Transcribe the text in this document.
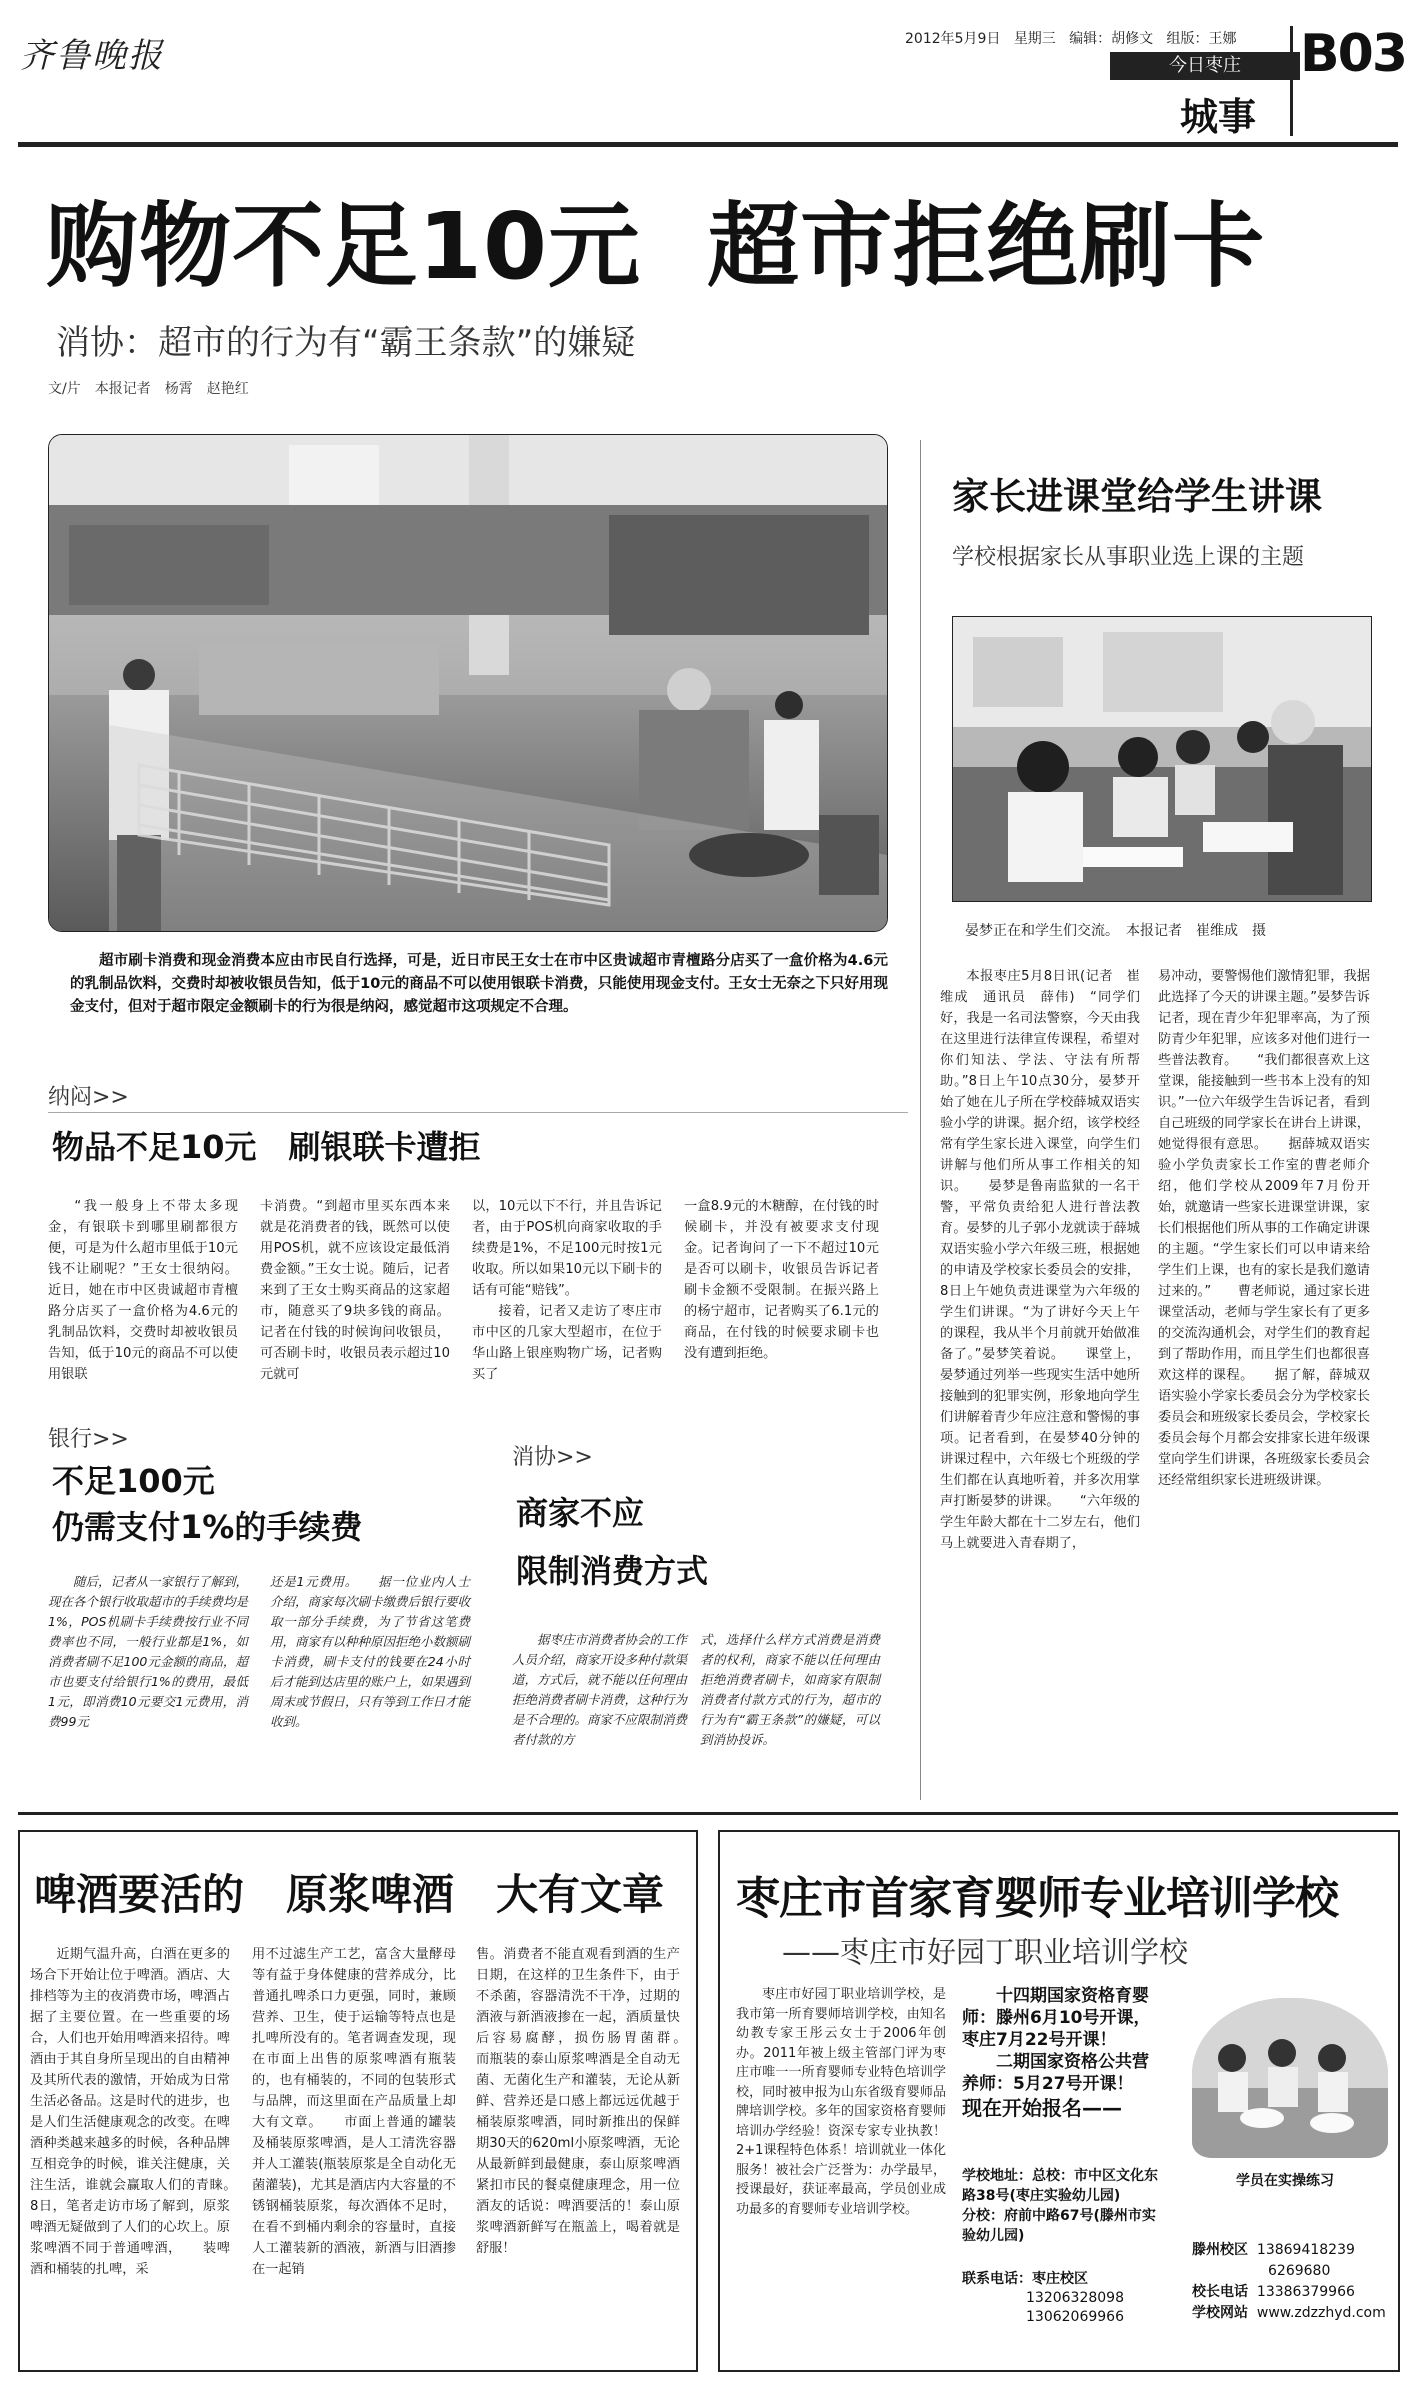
齐鲁晚报	2012年5月9日 星期三 编辑：胡修文 组版：王娜
今日枣庄
城事
B03
购物不足10元  超市拒绝刷卡
消协：超市的行为有“霸王条款”的嫌疑
文/片　本报记者　杨霄　赵艳红
超市刷卡消费和现金消费本应由市民自行选择，可是，近日市民王女士在市中区贵诚超市青檀路分店买了一盒价格为4.6元的乳制品饮料，交费时却被收银员告知，低于10元的商品不可以使用银联卡消费，只能使用现金支付。王女士无奈之下只好用现金支付，但对于超市限定金额刷卡的行为很是纳闷，感觉超市这项规定不合理。
纳闷>>
物品不足10元　刷银联卡遭拒

“我一般身上不带太多现金，有银联卡到哪里刷都很方便，可是为什么超市里低于10元钱不让刷呢？”王女士很纳闷。近日，她在市中区贵诚超市青檀路分店买了一盒价格为4.6元的乳制品饮料，交费时却被收银员告知，低于10元的商品不可以使用银联

卡消费。“到超市里买东西本来就是花消费者的钱，既然可以使用POS机，就不应该设定最低消费金额。”王女士说。随后，记者来到了王女士购买商品的这家超市，随意买了9块多钱的商品。记者在付钱的时候询问收银员，可否刷卡时，收银员表示超过10元就可

以，10元以下不行，并且告诉记者，由于POS机向商家收取的手续费是1%，不足100元时按1元收取。所以如果10元以下刷卡的话有可能“赔钱”。

接着，记者又走访了枣庄市市中区的几家大型超市，在位于华山路上银座购物广场，记者购买了

一盒8.9元的木糖醇，在付钱的时候刷卡，并没有被要求支付现金。记者询问了一下不超过10元是否可以刷卡，收银员告诉记者刷卡金额不受限制。在振兴路上的杨宁超市，记者购买了6.1元的商品，在付钱的时候要求刷卡也没有遭到拒绝。

银行>>
不足100元
仍需支付1%的手续费

随后，记者从一家银行了解到，现在各个银行收取超市的手续费均是1%，POS机刷卡手续费按行业不同费率也不同，一般行业都是1%，如消费者刷不足100元金额的商品，超市也要支付给银行1%的费用，最低1元，即消费10元要交1元费用，消费99元

还是1元费用。　　据一位业内人士介绍，商家每次刷卡缴费后银行要收取一部分手续费，为了节省这笔费用，商家有以种种原因拒绝小数额刷卡消费，刷卡支付的钱要在24小时后才能到达店里的账户上，如果遇到周末或节假日，只有等到工作日才能收到。

消协>>
商家不应
限制消费方式

据枣庄市消费者协会的工作人员介绍，商家开设多种付款渠道，方式后，就不能以任何理由拒绝消费者刷卡消费，这种行为是不合理的。商家不应限制消费者付款的方

式，选择什么样方式消费是消费者的权利，商家不能以任何理由拒绝消费者刷卡，如商家有限制消费者付款方式的行为，超市的行为有“霸王条款”的嫌疑，可以到消协投诉。

家长进课堂给学生讲课
学校根据家长从事职业选上课的主题
晏梦正在和学生们交流。　本报记者　崔维成　摄

本报枣庄5月8日讯(记者　崔维成　通讯员　薛伟)　“同学们好，我是一名司法警察，今天由我在这里进行法律宣传课程，希望对你们知法、学法、守法有所帮助。”8日上午10点30分，晏梦开始了她在儿子所在学校薛城双语实验小学的讲课。据介绍，该学校经常有学生家长进入课堂，向学生们讲解与他们所从事工作相关的知识。　　晏梦是鲁南监狱的一名干警，平常负责给犯人进行普法教育。晏梦的儿子郭小龙就读于薛城双语实验小学六年级三班，根据她的申请及学校家长委员会的安排，8日上午她负责进课堂为六年级的学生们讲课。“为了讲好今天上午的课程，我从半个月前就开始做准备了。”晏梦笑着说。　　课堂上，晏梦通过列举一些现实生活中她所接触到的犯罪实例，形象地向学生们讲解着青少年应注意和警惕的事项。记者看到，在晏梦40分钟的讲课过程中，六年级七个班级的学生们都在认真地听着，并多次用掌声打断晏梦的讲课。　　“六年级的学生年龄大都在十二岁左右，他们马上就要进入青春期了，

易冲动，要警惕他们激情犯罪，我据此选择了今天的讲课主题。”晏梦告诉记者，现在青少年犯罪率高，为了预防青少年犯罪，应该多对他们进行一些普法教育。　　“我们都很喜欢上这堂课，能接触到一些书本上没有的知识。”一位六年级学生告诉记者，看到自己班级的同学家长在讲台上讲课，她觉得很有意思。　　据薛城双语实验小学负责家长工作室的曹老师介绍，他们学校从2009年7月份开始，就邀请一些家长进课堂讲课，家长们根据他们所从事的工作确定讲课的主题。“学生家长们可以申请来给学生们上课，也有的家长是我们邀请过来的。”　　曹老师说，通过家长进课堂活动，老师与学生家长有了更多的交流沟通机会，对学生们的教育起到了帮助作用，而且学生们也都很喜欢这样的课程。　　据了解，薛城双语实验小学家长委员会分为学校家长委员会和班级家长委员会，学校家长委员会每个月都会安排家长进年级课堂向学生们讲课，各班级家长委员会还经常组织家长进班级讲课。

啤酒要活的　原浆啤酒　大有文章

近期气温升高，白酒在更多的场合下开始让位于啤酒。酒店、大排档等为主的夜消费市场，啤酒占据了主要位置。在一些重要的场合，人们也开始用啤酒来招待。啤酒由于其自身所呈现出的自由精神及其所代表的激情，开始成为日常生活必备品。这是时代的进步，也是人们生活健康观念的改变。在啤酒种类越来越多的时候，各种品牌互相竞争的时候，谁关注健康，关注生活，谁就会赢取人们的青睐。　　8日，笔者走访市场了解到，原浆啤酒无疑做到了人们的心坎上。原浆啤酒不同于普通啤酒，　　装啤酒和桶装的扎啤，采

用不过滤生产工艺，富含大量酵母等有益于身体健康的营养成分，比普通扎啤杀口力更强，同时，兼顾营养、卫生，使于运输等特点也是扎啤所没有的。笔者调查发现，现在市面上出售的原浆啤酒有瓶装的，也有桶装的，不同的包装形式与品牌，而这里面在产品质量上却大有文章。　　市面上普通的罐装及桶装原浆啤酒，是人工清洗容器并人工灌装(瓶装原浆是全自动化无菌灌装)，尤其是酒店内大容量的不锈钢桶装原浆，每次酒体不足时，在看不到桶内剩余的容量时，直接人工灌装新的酒液，新酒与旧酒掺在一起销

售。消费者不能直观看到酒的生产日期，在这样的卫生条件下，由于不杀菌，容器清洗不干净，过期的酒液与新酒液掺在一起，酒质量快后容易腐酵，损伤肠胃菌群。　　而瓶装的泰山原浆啤酒是全自动无菌、无菌化生产和灌装，无论从新鲜、营养还是口感上都远远优越于桶装原浆啤酒，同时新推出的保鲜期30天的620ml小原浆啤酒，无论从最新鲜到最健康，泰山原浆啤酒紧扣市民的餐桌健康理念，用一位酒友的话说：啤酒要活的！泰山原浆啤酒新鲜写在瓶盖上，喝着就是舒服！

枣庄市首家育婴师专业培训学校
——枣庄市好园丁职业培训学校

枣庄市好园丁职业培训学校，是我市第一所育婴师培训学校，由知名幼教专家王彤云女士于2006年创办。2011年被上级主管部门评为枣庄市唯一一所育婴师专业特色培训学校，同时被申报为山东省级育婴师品牌培训学校。多年的国家资格育婴师培训办学经验！资深专家专业执教！2+1课程特色体系！培训就业一体化服务！被社会广泛誉为：办学最早，授课最好，获证率最高，学员创业成功最多的育婴师专业培训学校。

十四期国家资格育婴师：滕州6月10号开课，枣庄7月22号开课！
二期国家资格公共营养师：5月27号开课！
现在开始报名——
学校地址：总校：市中区文化东路38号(枣庄实验幼儿园)
分校：府前中路67号(滕州市实验幼儿园)
联系电话：枣庄校区
13206328098
13062069966
学员在实操练习
滕州校区 13869418239
6269680
校长电话 13386379966
学校网站 www.zdzzhyd.com
